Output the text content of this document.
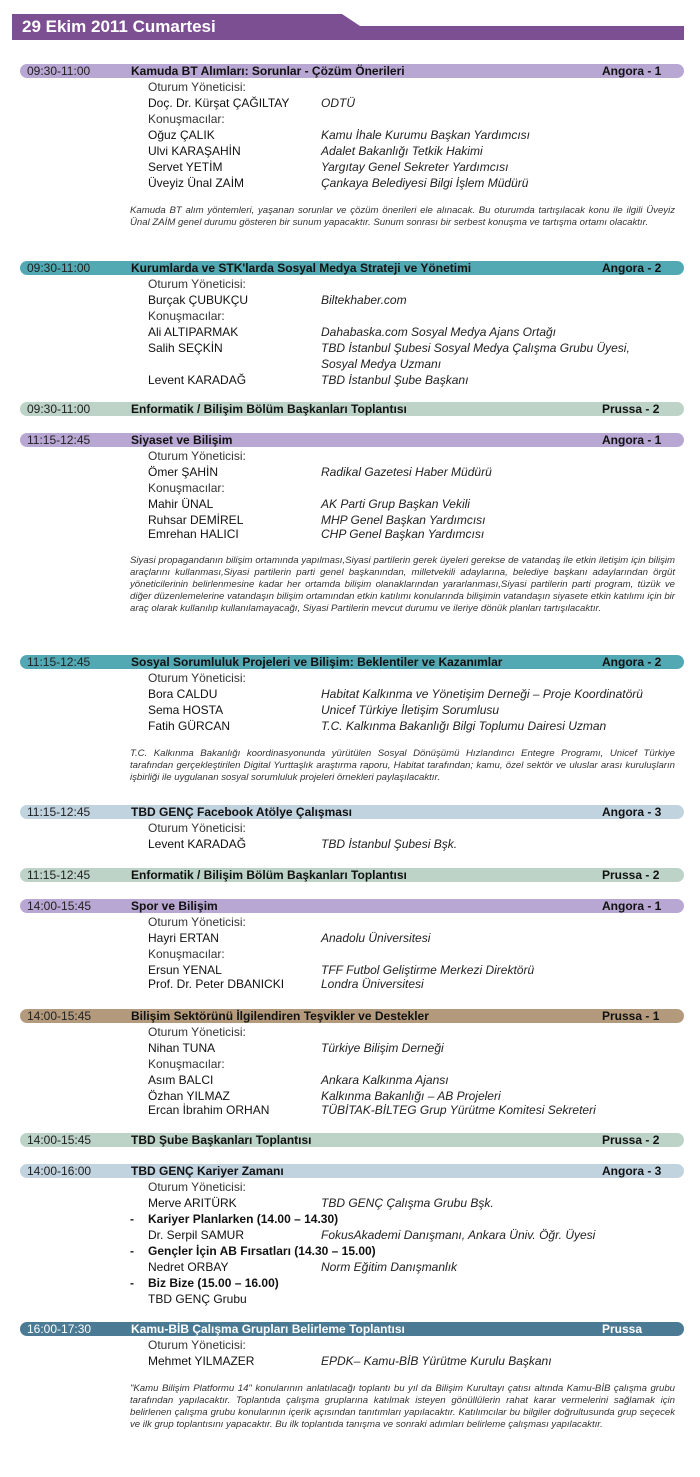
29 Ekim 2011 Cumartesi
09:30-11:00	Kamuda BT Alımları: Sorunlar - Çözüm Önerileri	Angora - 1
Oturum Yöneticisi:
Doç. Dr. Kürşat ÇAĞILTAY	ODTÜ
Konuşmacılar:
Oğuz ÇALIK	Kamu İhale Kurumu Başkan Yardımcısı
Ulvi KARAŞAHİN	Adalet Bakanlığı Tetkik Hakimi
Servet YETİM	Yargıtay Genel Sekreter Yardımcısı
Üveyiz Ünal ZAİM	Çankaya Belediyesi Bilgi İşlem Müdürü
Kamuda BT alım yöntemleri, yaşanan sorunlar ve çözüm önerileri ele alınacak. Bu oturumda tartışılacak konu ile ilgili Üveyiz Ünal ZAİM genel durumu gösteren bir sunum yapacaktır. Sunum sonrası bir serbest konuşma ve tartışma ortamı olacaktır.
09:30-11:00	Kurumlarda ve STK'larda Sosyal Medya Strateji ve Yönetimi	Angora - 2
Oturum Yöneticisi:
Burçak ÇUBUKÇU	Biltekhaber.com
Konuşmacılar:
Ali ALTIPARMAK	Dahabaska.com Sosyal Medya Ajans Ortağı
Salih SEÇKİN	TBD İstanbul Şubesi Sosyal Medya Çalışma Grubu Üyesi,
Sosyal Medya Uzmanı
Levent KARADAĞ	TBD İstanbul Şube Başkanı
09:30-11:00	Enformatik / Bilişim Bölüm Başkanları Toplantısı	Prussa - 2
11:15-12:45	Siyaset ve Bilişim	Angora - 1
Oturum Yöneticisi:
Ömer ŞAHİN	Radikal Gazetesi Haber Müdürü
Konuşmacılar:
Mahir ÜNAL	AK Parti Grup Başkan Vekili
Ruhsar DEMİREL	MHP Genel Başkan Yardımcısı
Emrehan HALICI	CHP Genel Başkan Yardımcısı
Siyasi propagandanın bilişim ortamında yapılması,Siyasi partilerin gerek üyeleri gerekse de vatandaş ile etkin iletişim için bilişim araçlarını kullanması,Siyasi partilerin parti genel başkanından, milletvekili adaylarına, belediye başkanı adaylarından örgüt yöneticilerinin belirlenmesine kadar her ortamda bilişim olanaklarından yararlanması,Siyasi partilerin parti program, tüzük ve diğer düzenlemelerine vatandaşın bilişim ortamından etkin katılımı konularında bilişimin vatandaşın siyasete etkin katılımı için bir araç olarak kullanılıp kullanılamayacağı, Siyasi Partilerin mevcut durumu ve ileriye dönük planları tartışılacaktır.
11:15-12:45	Sosyal Sorumluluk Projeleri ve Bilişim: Beklentiler ve Kazanımlar	Angora - 2
Oturum Yöneticisi:
Bora CALDU	Habitat Kalkınma ve Yönetişim Derneği – Proje Koordinatörü
Sema HOSTA	Unicef Türkiye İletişim Sorumlusu
Fatih GÜRCAN	T.C. Kalkınma Bakanlığı Bilgi Toplumu Dairesi Uzman
T.C. Kalkınma Bakanlığı koordinasyonunda yürütülen Sosyal Dönüşümü Hızlandırıcı Entegre Programı, Unicef Türkiye tarafından gerçekleştirilen Digital Yurttaşlık araştırma raporu, Habitat tarafından; kamu, özel sektör ve uluslar arası kuruluşların işbirliği ile uygulanan sosyal sorumluluk projeleri örnekleri paylaşılacaktır.
11:15-12:45	TBD GENÇ Facebook Atölye Çalışması	Angora - 3
Oturum Yöneticisi:
Levent KARADAĞ	TBD İstanbul Şubesi Bşk.
11:15-12:45	Enformatik / Bilişim Bölüm Başkanları Toplantısı	Prussa - 2
14:00-15:45	Spor ve Bilişim	Angora - 1
Oturum Yöneticisi:
Hayri ERTAN	Anadolu Üniversitesi
Konuşmacılar:
Ersun YENAL	TFF Futbol Geliştirme Merkezi Direktörü
Prof. Dr. Peter DBANICKI	Londra Üniversitesi
14:00-15:45	Bilişim Sektörünü İlgilendiren Teşvikler ve Destekler	Prussa - 1
Oturum Yöneticisi:
Nihan TUNA	Türkiye Bilişim Derneği
Konuşmacılar:
Asım BALCI	Ankara Kalkınma Ajansı
Özhan YILMAZ	Kalkınma Bakanlığı – AB Projeleri
Ercan İbrahim ORHAN	TÜBİTAK-BİLTEG Grup Yürütme Komitesi Sekreteri
14:00-15:45	TBD Şube Başkanları Toplantısı	Prussa - 2
14:00-16:00	TBD GENÇ Kariyer Zamanı	Angora - 3
Oturum Yöneticisi:
Merve ARITÜRK	TBD GENÇ Çalışma Grubu Bşk.
- Kariyer Planlarken (14.00 – 14.30)
Dr. Serpil SAMUR	FokusAkademi Danışmanı, Ankara Üniv. Öğr. Üyesi
- Gençler İçin AB Fırsatları (14.30 – 15.00)
Nedret ORBAY	Norm Eğitim Danışmanlık
- Biz Bize (15.00 – 16.00)
TBD GENÇ Grubu
16:00-17:30	Kamu-BİB Çalışma Grupları Belirleme Toplantısı	Prussa
Oturum Yöneticisi:
Mehmet YILMAZER	EPDK– Kamu-BİB Yürütme Kurulu Başkanı
"Kamu Bilişim Platformu 14" konularının anlatılacağı toplantı bu yıl da Bilişim Kurultayı çatısı altında Kamu-BİB çalışma grubu tarafından yapılacaktır. Toplantıda çalışma gruplarına katılmak isteyen gönüllülerin rahat karar vermelerini sağlamak için belirlenen çalışma grubu konularının içerik açısından tanıtımları yapılacaktır. Katılımcılar bu bilgiler doğrultusunda grup seçecek ve ilk grup toplantısını yapacaktır. Bu ilk toplantıda tanışma ve sonraki adımları belirleme çalışması yapılacaktır.
